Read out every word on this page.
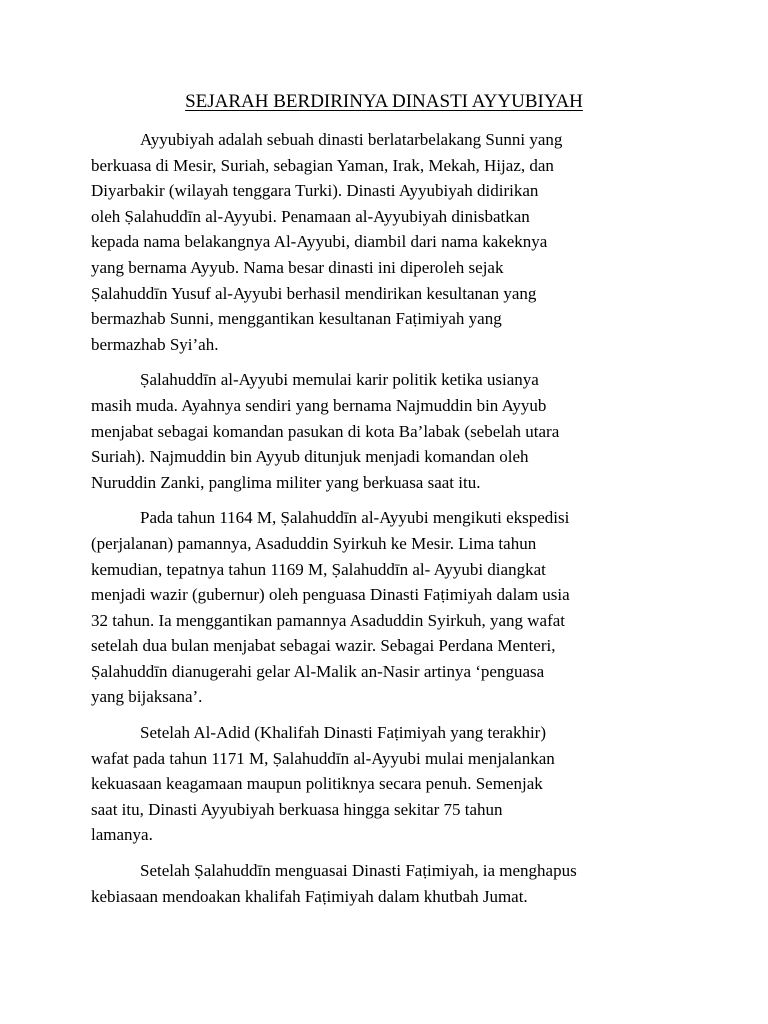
SEJARAH BERDIRINYA DINASTI AYYUBIYAH

Ayyubiyah adalah sebuah dinasti berlatarbelakang Sunni yang
berkuasa di Mesir, Suriah, sebagian Yaman, Irak, Mekah, Hijaz, dan
Diyarbakir (wilayah tenggara Turki). Dinasti Ayyubiyah didirikan
oleh Ṣalahuddīn al-Ayyubi. Penamaan al-Ayyubiyah dinisbatkan
kepada nama belakangnya Al-Ayyubi, diambil dari nama kakeknya
yang bernama Ayyub. Nama besar dinasti ini diperoleh sejak
Ṣalahuddīn Yusuf al-Ayyubi berhasil mendirikan kesultanan yang
bermazhab Sunni, menggantikan kesultanan Faṭimiyah yang
bermazhab Syi’ah.

Ṣalahuddīn al-Ayyubi memulai karir politik ketika usianya
masih muda. Ayahnya sendiri yang bernama Najmuddin bin Ayyub
menjabat sebagai komandan pasukan di kota Ba’labak (sebelah utara
Suriah). Najmuddin bin Ayyub ditunjuk menjadi komandan oleh
Nuruddin Zanki, panglima militer yang berkuasa saat itu.

Pada tahun 1164 M, Ṣalahuddīn al-Ayyubi mengikuti ekspedisi
(perjalanan) pamannya, Asaduddin Syirkuh ke Mesir. Lima tahun
kemudian, tepatnya tahun 1169 M, Ṣalahuddīn al- Ayyubi diangkat
menjadi wazir (gubernur) oleh penguasa Dinasti Faṭimiyah dalam usia
32 tahun. Ia menggantikan pamannya Asaduddin Syirkuh, yang wafat
setelah dua bulan menjabat sebagai wazir. Sebagai Perdana Menteri,
Ṣalahuddīn dianugerahi gelar Al-Malik an-Nasir artinya ‘penguasa
yang bijaksana’.

Setelah Al-Adid (Khalifah Dinasti Faṭimiyah yang terakhir)
wafat pada tahun 1171 M, Ṣalahuddīn al-Ayyubi mulai menjalankan
kekuasaan keagamaan maupun politiknya secara penuh. Semenjak
saat itu, Dinasti Ayyubiyah berkuasa hingga sekitar 75 tahun
lamanya.

Setelah Ṣalahuddīn menguasai Dinasti Faṭimiyah, ia menghapus
kebiasaan mendoakan khalifah Faṭimiyah dalam khutbah Jumat.
